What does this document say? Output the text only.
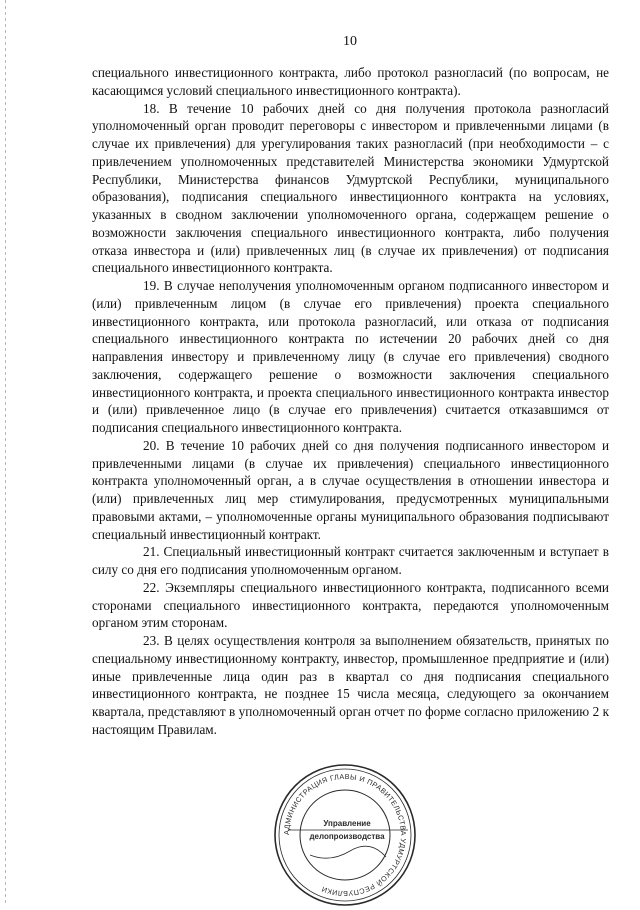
10

специального инвестиционного контракта, либо протокол разногласий (по вопросам, не касающимся условий специального инвестиционного контракта).

18. В течение 10 рабочих дней со дня получения протокола разногласий уполномоченный орган проводит переговоры с инвестором и привлеченными лицами (в случае их привлечения) для урегулирования таких разногласий (при необходимости – с привлечением уполномоченных представителей Министерства экономики Удмуртской Республики, Министерства финансов Удмуртской Республики, муниципального образования), подписания специального инвестиционного контракта на условиях, указанных в сводном заключении уполномоченного органа, содержащем решение о возможности заключения специального инвестиционного контракта, либо получения отказа инвестора и (или) привлеченных лиц (в случае их привлечения) от подписания специального инвестиционного контракта.

19. В случае неполучения уполномоченным органом подписанного инвестором и (или) привлеченным лицом (в случае его привлечения) проекта специального инвестиционного контракта, или протокола разногласий, или отказа от подписания специального инвестиционного контракта по истечении 20 рабочих дней со дня направления инвестору и привлеченному лицу (в случае его привлечения) сводного заключения, содержащего решение о возможности заключения специального инвестиционного контракта, и проекта специального инвестиционного контракта инвестор и (или) привлеченное лицо (в случае его привлечения) считается отказавшимся от подписания специального инвестиционного контракта.

20. В течение 10 рабочих дней со дня получения подписанного инвестором и привлеченными лицами (в случае их привлечения) специального инвестиционного контракта уполномоченный орган, а в случае осуществления в отношении инвестора и (или) привлеченных лиц мер стимулирования, предусмотренных муниципальными правовыми актами, – уполномоченные органы муниципального образования подписывают специальный инвестиционный контракт.

21. Специальный инвестиционный контракт считается заключенным и вступает в силу со дня его подписания уполномоченным органом.

22. Экземпляры специального инвестиционного контракта, подписанного всеми сторонами специального инвестиционного контракта, передаются уполномоченным органом этим сторонам.

23. В целях осуществления контроля за выполнением обязательств, принятых по специальному инвестиционному контракту, инвестор, промышленное предприятие и (или) иные привлеченные лица один раз в квартал со дня подписания специального инвестиционного контракта, не позднее 15 числа месяца, следующего за окончанием квартала, представляют в уполномоченный орган отчет по форме согласно приложению 2 к настоящим Правилам.

АДМИНИСТРАЦИЯ ГЛАВЫ И ПРАВИТЕЛЬСТВА УДМУРТСКОЙ РЕСПУБЛИКИ
Управление
делопроизводства
